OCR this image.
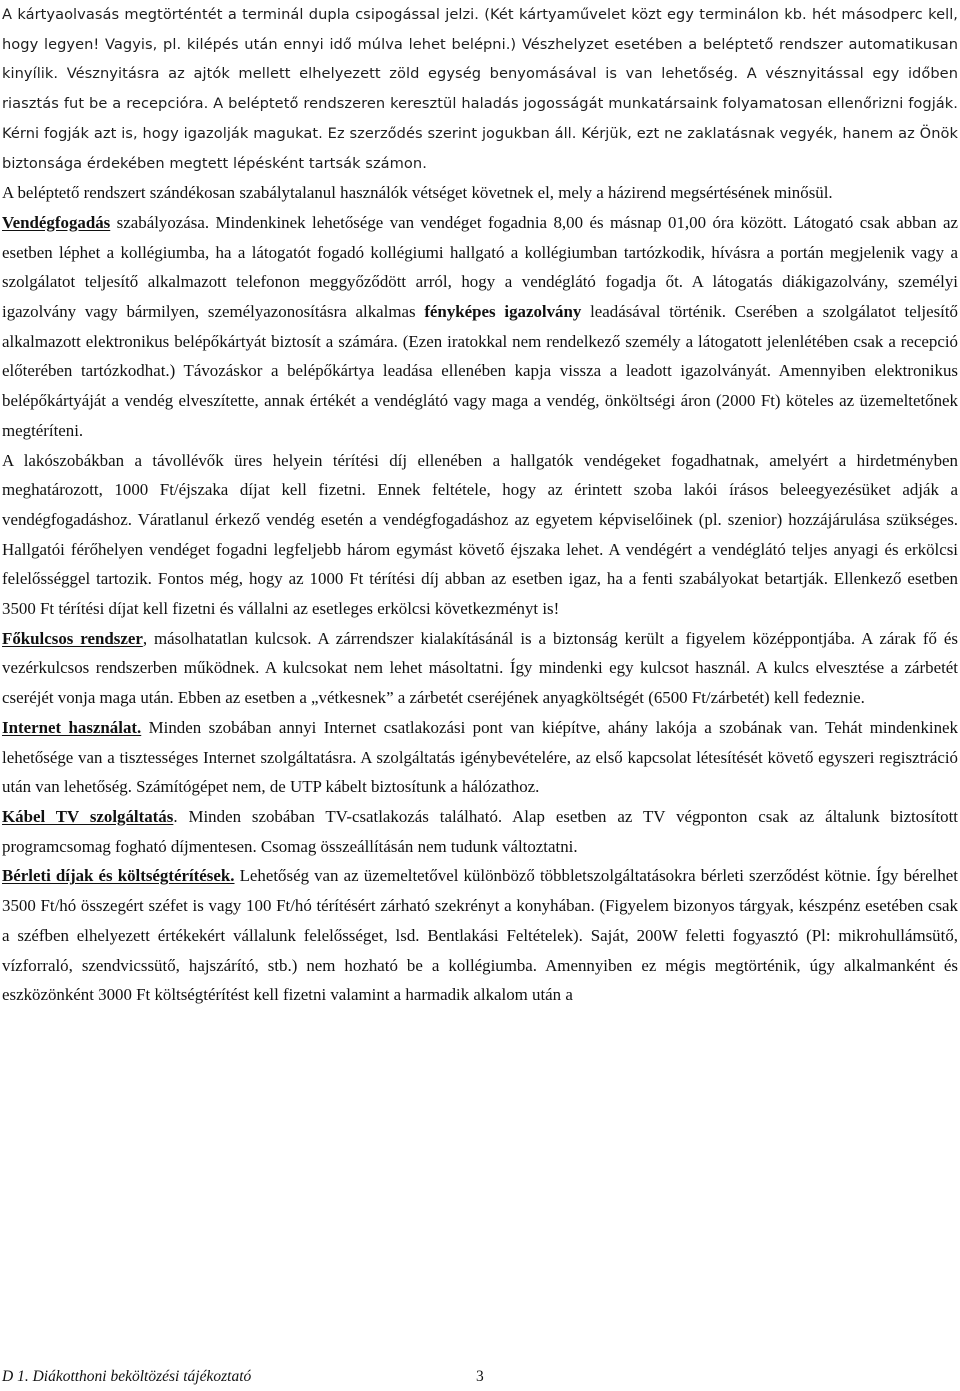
A kártyaolvasás megtörténtét a terminál dupla csipogással jelzi. (Két kártyaművelet közt egy terminálon kb. hét másodperc kell, hogy legyen! Vagyis, pl. kilépés után ennyi idő múlva lehet belépni.) Vészhelyzet esetében a beléptető rendszer automatikusan kinyílik. Vésznyitásra az ajtók mellett elhelyezett zöld egység benyomásával is van lehetőség. A vésznyitással egy időben riasztás fut be a recepcióra. A beléptető rendszeren keresztül haladás jogosságát munkatársaink folyamatosan ellenőrizni fogják. Kérni fogják azt is, hogy igazolják magukat. Ez szerződés szerint jogukban áll. Kérjük, ezt ne zaklatásnak vegyék, hanem az Önök biztonsága érdekében megtett lépésként tartsák számon.

A beléptető rendszert szándékosan szabálytalanul használók vétséget követnek el, mely a házirend megsértésének minősül.

Vendégfogadás szabályozása. Mindenkinek lehetősége van vendéget fogadnia 8,00 és másnap 01,00 óra között. Látogató csak abban az esetben léphet a kollégiumba, ha a látogatót fogadó kollégiumi hallgató a kollégiumban tartózkodik, hívásra a portán megjelenik vagy a szolgálatot teljesítő alkalmazott telefonon meggyőződött arról, hogy a vendéglátó fogadja őt. A látogatás diákigazolvány, személyi igazolvány vagy bármilyen, személyazonosításra alkalmas fényképes igazolvány leadásával történik. Cserében a szolgálatot teljesítő alkalmazott elektronikus belépőkártyát biztosít a számára. (Ezen iratokkal nem rendelkező személy a látogatott jelenlétében csak a recepció előterében tartózkodhat.) Távozáskor a belépőkártya leadása ellenében kapja vissza a leadott igazolványát. Amennyiben elektronikus belépőkártyáját a vendég elveszítette, annak értékét a vendéglátó vagy maga a vendég, önköltségi áron (2000 Ft) köteles az üzemeltetőnek megtéríteni.

A lakószobákban a távollévők üres helyein térítési díj ellenében a hallgatók vendégeket fogadhatnak, amelyért a hirdetményben meghatározott, 1000 Ft/éjszaka díjat kell fizetni. Ennek feltétele, hogy az érintett szoba lakói írásos beleegyezésüket adják a vendégfogadáshoz. Váratlanul érkező vendég esetén a vendégfogadáshoz az egyetem képviselőinek (pl. szenior) hozzájárulása szükséges. Hallgatói férőhelyen vendéget fogadni legfeljebb három egymást követő éjszaka lehet. A vendégért a vendéglátó teljes anyagi és erkölcsi felelősséggel tartozik. Fontos még, hogy az 1000 Ft térítési díj abban az esetben igaz, ha a fenti szabályokat betartják. Ellenkező esetben 3500 Ft térítési díjat kell fizetni és vállalni az esetleges erkölcsi következményt is!

Főkulcsos rendszer, másolhatatlan kulcsok. A zárrendszer kialakításánál is a biztonság került a figyelem középpontjába. A zárak fő és vezérkulcsos rendszerben működnek. A kulcsokat nem lehet másoltatni. Így mindenki egy kulcsot használ. A kulcs elvesztése a zárbetét cseréjét vonja maga után. Ebben az esetben a „vétkesnek” a zárbetét cseréjének anyagköltségét (6500 Ft/zárbetét) kell fedeznie.

Internet használat. Minden szobában annyi Internet csatlakozási pont van kiépítve, ahány lakója a szobának van. Tehát mindenkinek lehetősége van a tisztességes Internet szolgáltatásra. A szolgáltatás igénybevételére, az első kapcsolat létesítését követő egyszeri regisztráció után van lehetőség. Számítógépet nem, de UTP kábelt biztosítunk a hálózathoz.

Kábel TV szolgáltatás. Minden szobában TV-csatlakozás található. Alap esetben az TV végponton csak az általunk biztosított programcsomag fogható díjmentesen. Csomag összeállításán nem tudunk változtatni.

Bérleti díjak és költségtérítések. Lehetőség van az üzemeltetővel különböző többletszolgáltatásokra bérleti szerződést kötnie. Így bérelhet 3500 Ft/hó összegért széfet is vagy 100 Ft/hó térítésért zárható szekrényt a konyhában. (Figyelem bizonyos tárgyak, készpénz esetében csak a széfben elhelyezett értékekért vállalunk felelősséget, lsd. Bentlakási Feltételek). Saját, 200W feletti fogyasztó (Pl: mikrohullámsütő, vízforraló, szendvicssütő, hajszárító, stb.) nem hozható be a kollégiumba. Amennyiben ez mégis megtörténik, úgy alkalmanként és eszközönként 3000 Ft költségtérítést kell fizetni valamint a harmadik alkalom után a

D 1. Diákotthoni beköltözési tájékoztató	3
